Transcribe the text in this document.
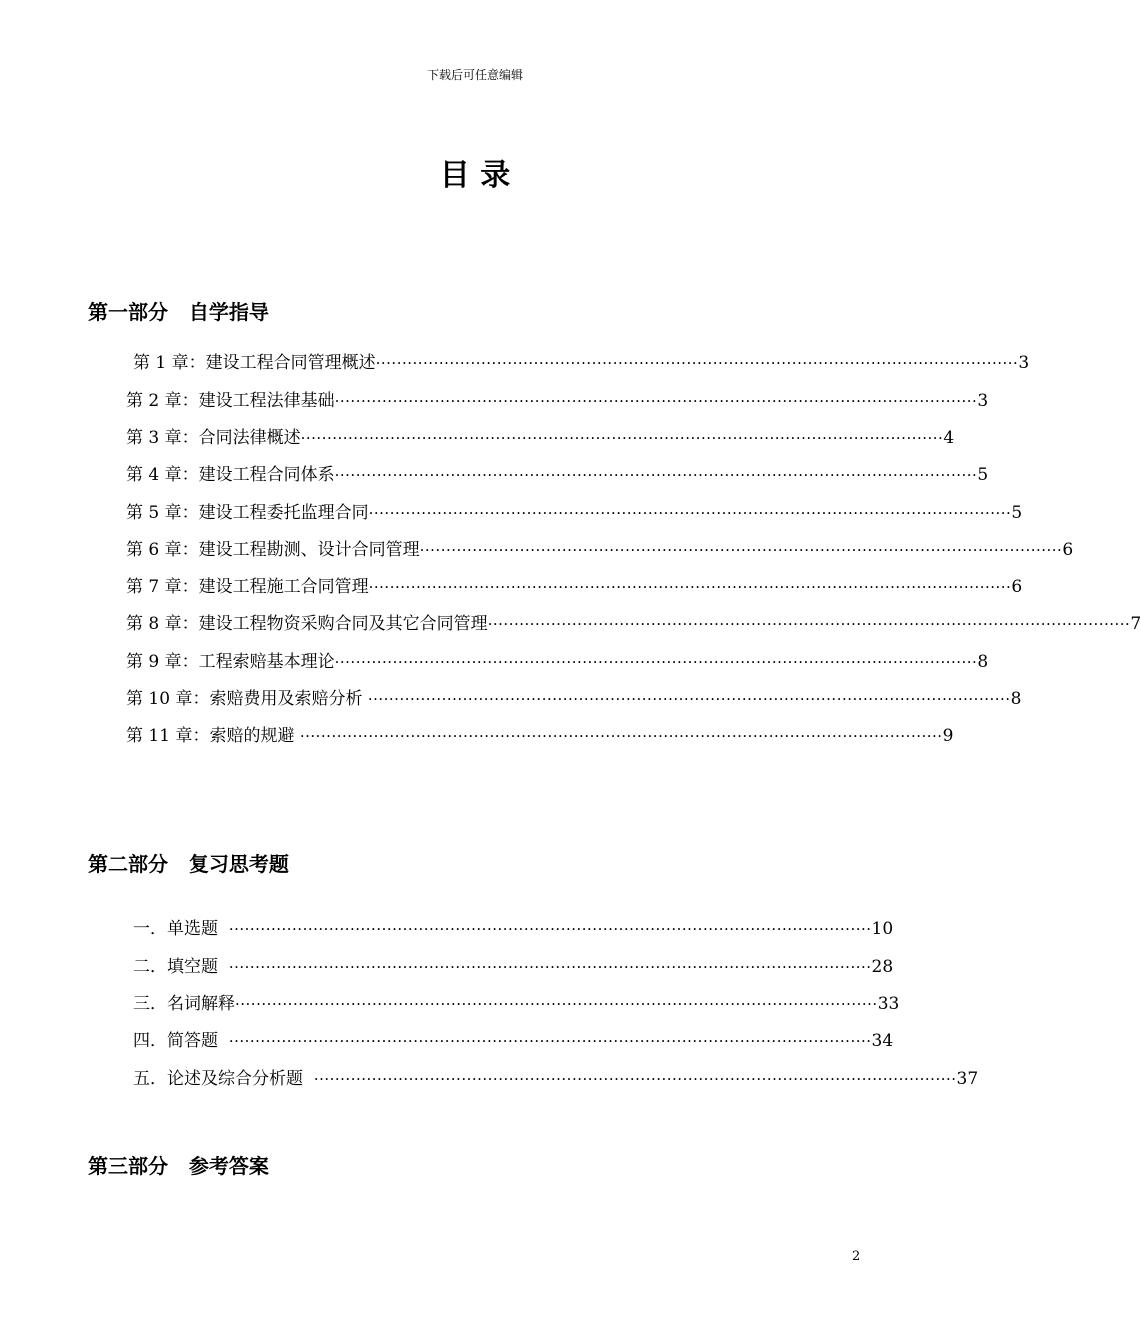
下载后可任意编辑
目 录
第一部分   自学指导
第 1 章：建设工程合同管理概述 ·························································································································· 3
第 2 章：建设工程法律基础 ·························································································································· 3
第 3 章：合同法律概述 ·························································································································· 4
第 4 章：建设工程合同体系 ·························································································································· 5
第 5 章：建设工程委托监理合同 ·························································································································· 5
第 6 章：建设工程勘测、设计合同管理 ·························································································································· 6
第 7 章：建设工程施工合同管理 ·························································································································· 6
第 8 章：建设工程物资采购合同及其它合同管理 ·························································································································· 7
第 9 章：工程索赔基本理论 ·························································································································· 8
第 10 章：索赔费用及索赔分析 ·························································································································· 8
第 11 章：索赔的规避 ·························································································································· 9
第二部分   复习思考题
一．单选题 ·························································································································· 10
二．填空题 ·························································································································· 28
三．名词解释 ·························································································································· 33
四．简答题 ·························································································································· 34
五．论述及综合分析题 ·························································································································· 37
第三部分   参考答案
2
